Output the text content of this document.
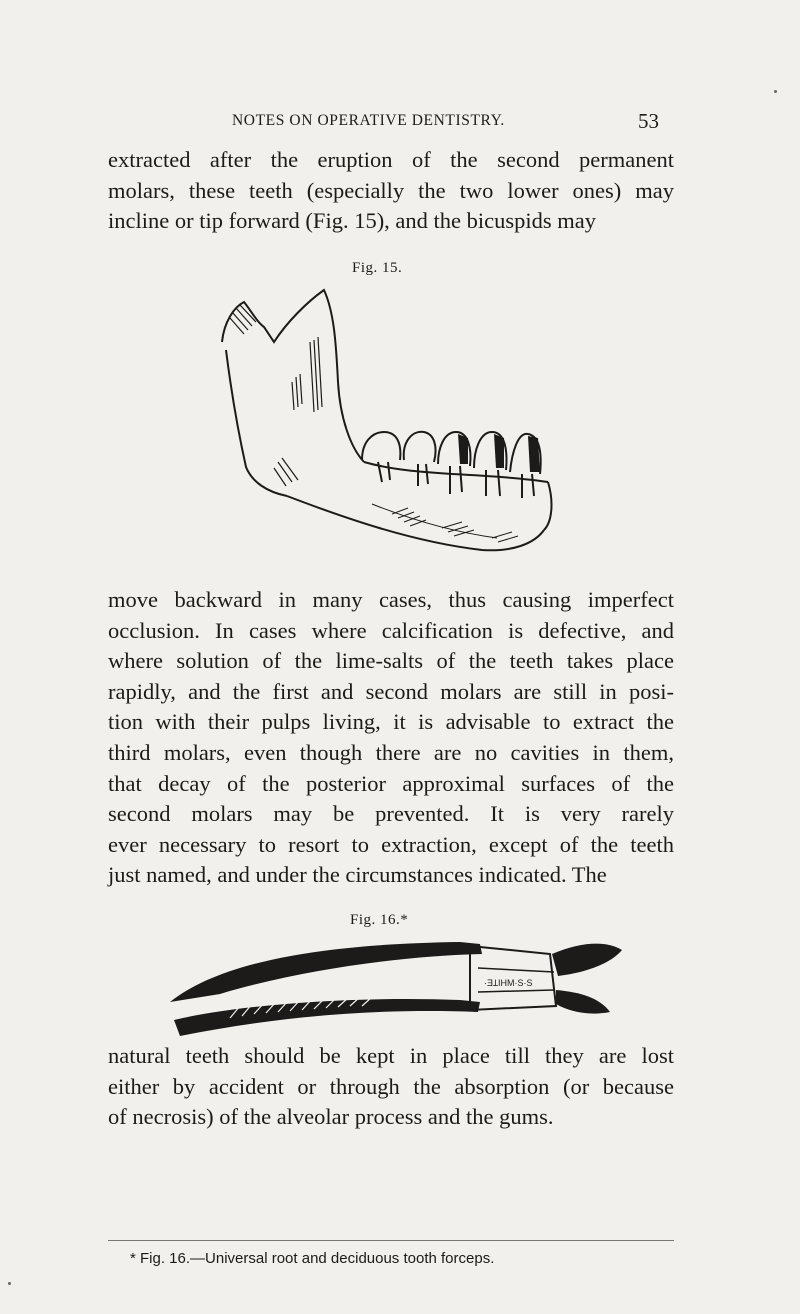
NOTES ON OPERATIVE DENTISTRY.	53

extracted after the eruption of the second permanent
molars, these teeth (especially the two lower ones) may
incline or tip forward (Fig. 15), and the bicuspids may

Fig. 15.

move backward in many cases, thus causing imperfect
occlusion. In cases where calcification is defective, and
where solution of the lime-salts of the teeth takes place
rapidly, and the first and second molars are still in posi-
tion with their pulps living, it is advisable to extract the
third molars, even though there are no cavities in them,
that decay of the posterior approximal surfaces of the
second molars may be prevented. It is very rarely
ever necessary to resort to extraction, except of the teeth
just named, and under the circumstances indicated. The

Fig. 16.*
·ƎꞱIHM·S·S

natural teeth should be kept in place till they are lost
either by accident or through the absorption (or because
of necrosis) of the alveolar process and the gums.

* Fig. 16.—Universal root and deciduous tooth forceps.
